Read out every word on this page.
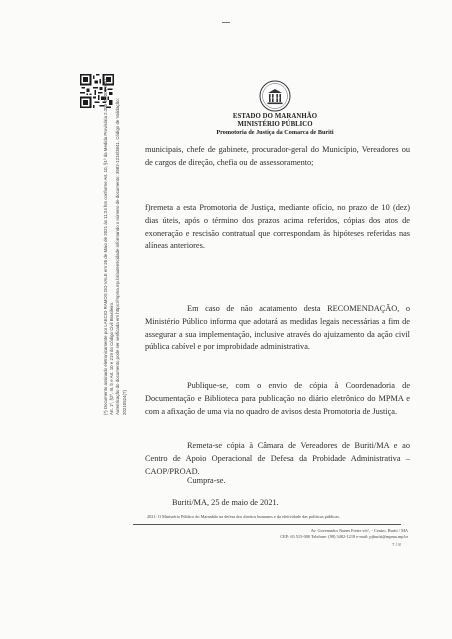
(*) Documento assinado eletronicamente por LAECIO RAMOS DO VALE em 25 de Maio de 2021 às 11:24 hrs conforme Art. 10, §1º da Medida Provisória 2.200-2/2001 e/ou Art. 1º, §2º, III, b e Art. 10 e 219 do Código Civil Brasileiro. Autenticação do documento pode ser verificada em https://mpma.mp.br/autenticidade informando o número de documento: 3582-1216/3841. Código de Validação: 20210524(?)
ESTADO DO MARANHÃO
MINISTÉRIO PÚBLICO
Promotoria de Justiça da Comarca de Buriti
municipais, chefe de gabinete, procurador-geral do Município, Vereadores ou de cargos de direção, chefia ou de assessoramento;
f)remeta a esta Promotoria de Justiça, mediante ofício, no prazo de 10 (dez) dias úteis, após o término dos prazos acima referidos, cópias dos atos de exoneração e rescisão contratual que correspondam às hipóteses referidas nas alíneas anteriores.
Em caso de não acatamento desta RECOMENDAÇÃO, o Ministério Público informa que adotará as medidas legais necessárias a fim de assegurar a sua implementação, inclusive através do ajuizamento da ação civil pública cabível e por improbidade administrativa.
Publique-se, com o envio de cópia à Coordenadoria de Documentação e Biblioteca para publicação no diário eletrônico do MPMA e com a afixação de uma via no quadro de avisos desta Promotoria de Justiça.
Remeta-se cópia à Câmara de Vereadores de Buriti/MA e ao Centro de Apoio Operacional de Defesa da Probidade Administrativa – CAOP/PROAD.
Cumpra-se.
Buriti/MA, 25 de maio de 2021.
2021: O Ministério Público do Maranhão na defesa dos direitos humanos e da efetividade das políticas públicas.
Av. Governador Nunes Freire s/n°, - Centro, Buriti / MA
CEP: 65.515-000 Telefone: (98) 3482-1218 e-mail: pjburiti@mpma.mp.br
7 / 8
